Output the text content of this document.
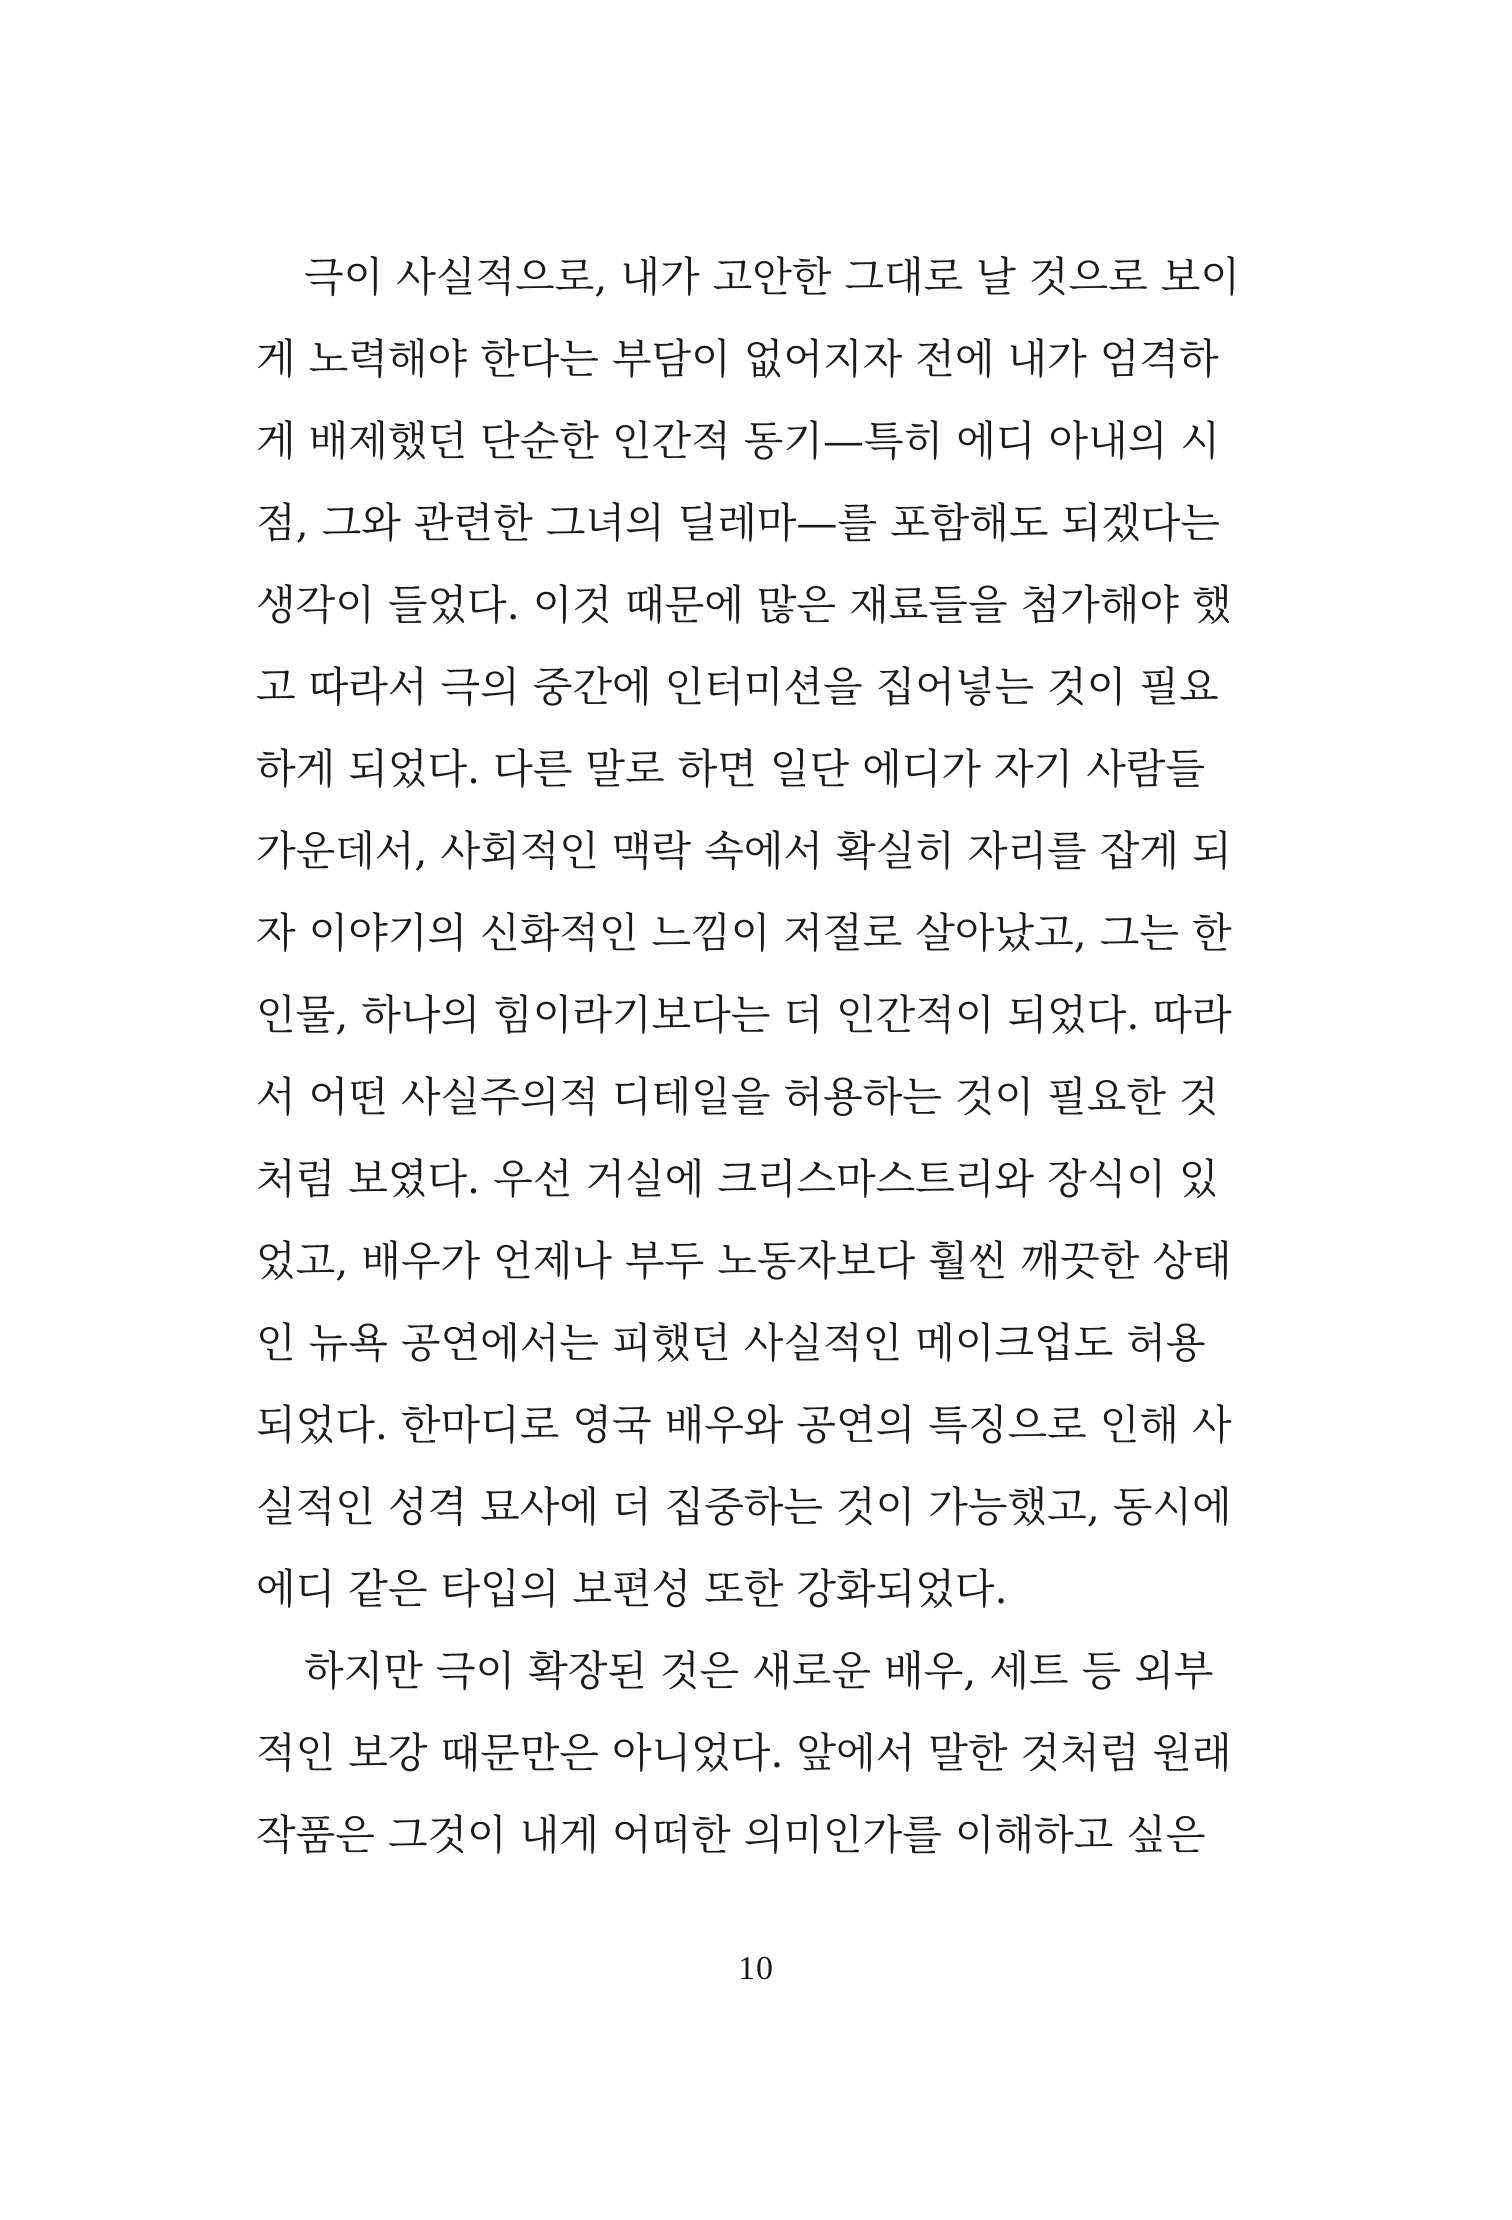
극이 사실적으로, 내가 고안한 그대로 날 것으로 보이
게 노력해야 한다는 부담이 없어지자 전에 내가 엄격하
게 배제했던 단순한 인간적 동기—특히 에디 아내의 시
점, 그와 관련한 그녀의 딜레마—를 포함해도 되겠다는
생각이 들었다. 이것 때문에 많은 재료들을 첨가해야 했
고 따라서 극의 중간에 인터미션을 집어넣는 것이 필요
하게 되었다. 다른 말로 하면 일단 에디가 자기 사람들
가운데서, 사회적인 맥락 속에서 확실히 자리를 잡게 되
자 이야기의 신화적인 느낌이 저절로 살아났고, 그는 한
인물, 하나의 힘이라기보다는 더 인간적이 되었다. 따라
서 어떤 사실주의적 디테일을 허용하는 것이 필요한 것
처럼 보였다. 우선 거실에 크리스마스트리와 장식이 있
었고, 배우가 언제나 부두 노동자보다 훨씬 깨끗한 상태
인 뉴욕 공연에서는 피했던 사실적인 메이크업도 허용
되었다. 한마디로 영국 배우와 공연의 특징으로 인해 사
실적인 성격 묘사에 더 집중하는 것이 가능했고, 동시에
에디 같은 타입의 보편성 또한 강화되었다.
하지만 극이 확장된 것은 새로운 배우, 세트 등 외부
적인 보강 때문만은 아니었다. 앞에서 말한 것처럼 원래
작품은 그것이 내게 어떠한 의미인가를 이해하고 싶은
10
